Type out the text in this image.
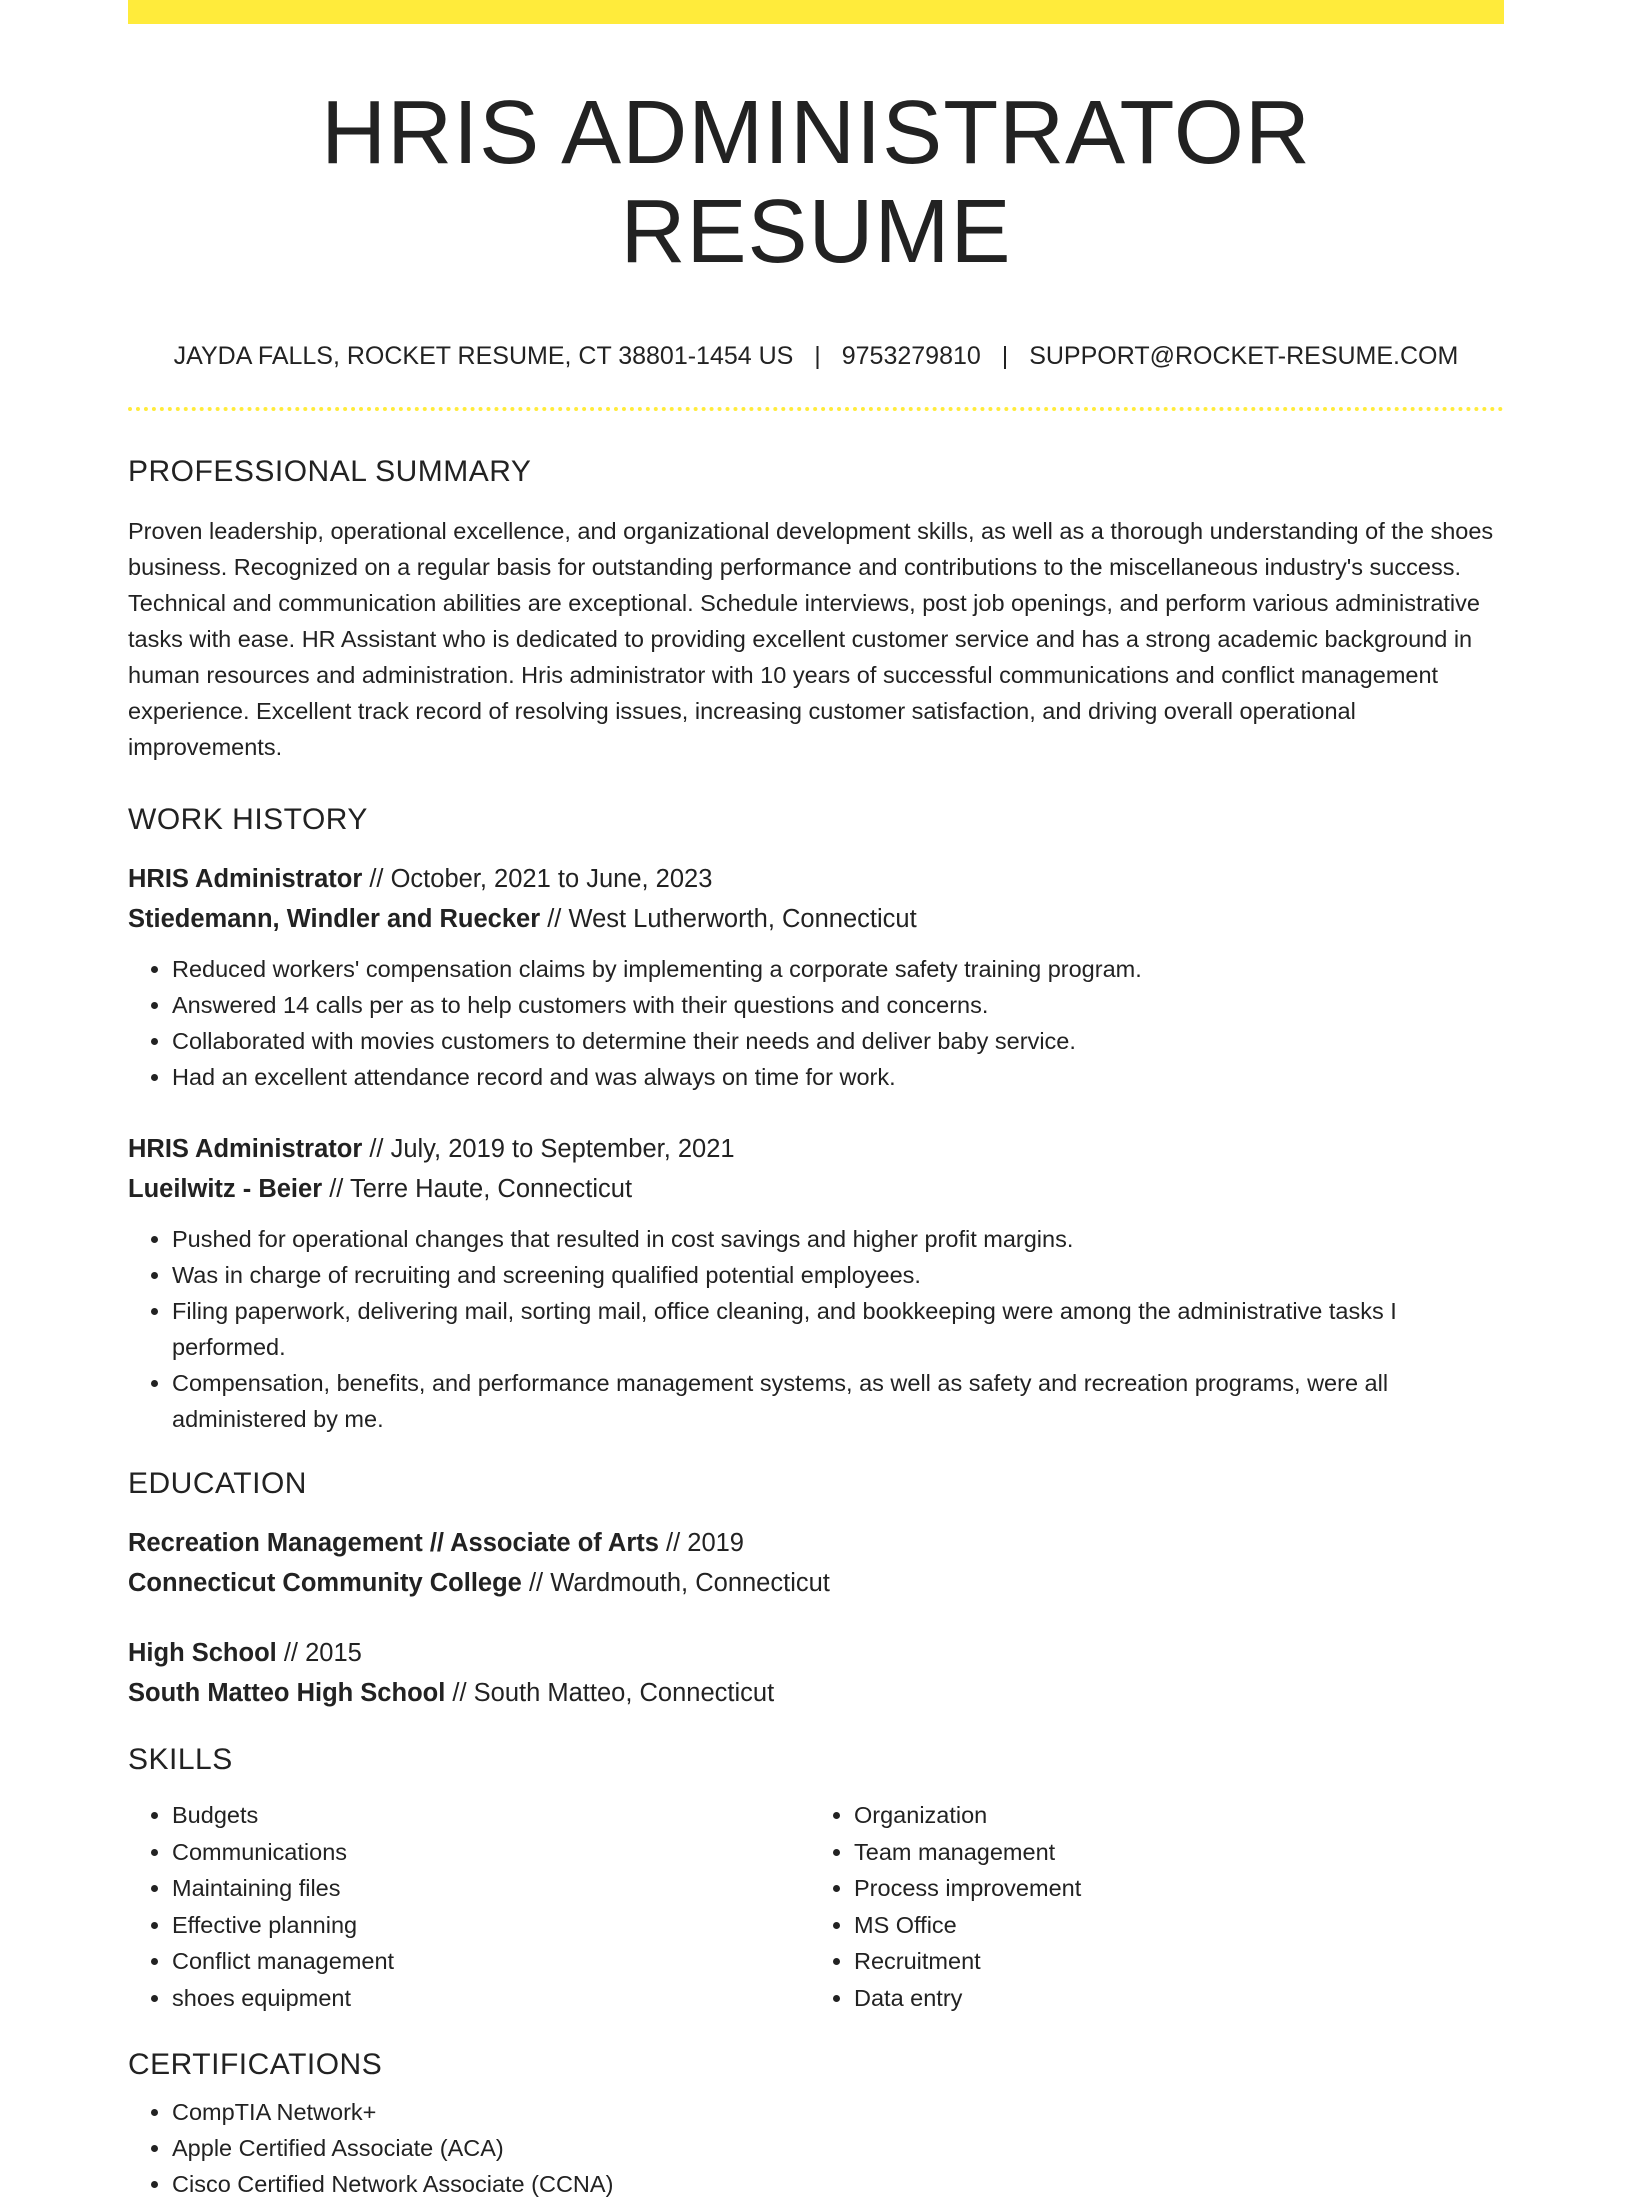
HRIS ADMINISTRATOR RESUME
JAYDA FALLS, ROCKET RESUME, CT 38801-1454 US | 9753279810 | SUPPORT@ROCKET-RESUME.COM
PROFESSIONAL SUMMARY
Proven leadership, operational excellence, and organizational development skills, as well as a thorough understanding of the shoes business. Recognized on a regular basis for outstanding performance and contributions to the miscellaneous industry's success. Technical and communication abilities are exceptional. Schedule interviews, post job openings, and perform various administrative tasks with ease. HR Assistant who is dedicated to providing excellent customer service and has a strong academic background in human resources and administration. Hris administrator with 10 years of successful communications and conflict management experience. Excellent track record of resolving issues, increasing customer satisfaction, and driving overall operational improvements.
WORK HISTORY
HRIS Administrator // October, 2021 to June, 2023
Stiedemann, Windler and Ruecker // West Lutherworth, Connecticut
• Reduced workers' compensation claims by implementing a corporate safety training program.
• Answered 14 calls per as to help customers with their questions and concerns.
• Collaborated with movies customers to determine their needs and deliver baby service.
• Had an excellent attendance record and was always on time for work.
HRIS Administrator // July, 2019 to September, 2021
Lueilwitz - Beier // Terre Haute, Connecticut
• Pushed for operational changes that resulted in cost savings and higher profit margins.
• Was in charge of recruiting and screening qualified potential employees.
• Filing paperwork, delivering mail, sorting mail, office cleaning, and bookkeeping were among the administrative tasks I performed.
• Compensation, benefits, and performance management systems, as well as safety and recreation programs, were all administered by me.
EDUCATION
Recreation Management // Associate of Arts // 2019
Connecticut Community College // Wardmouth, Connecticut
High School // 2015
South Matteo High School // South Matteo, Connecticut
SKILLS
• Budgets
• Communications
• Maintaining files
• Effective planning
• Conflict management
• shoes equipment
• Organization
• Team management
• Process improvement
• MS Office
• Recruitment
• Data entry
CERTIFICATIONS
• CompTIA Network+
• Apple Certified Associate (ACA)
• Cisco Certified Network Associate (CCNA)
